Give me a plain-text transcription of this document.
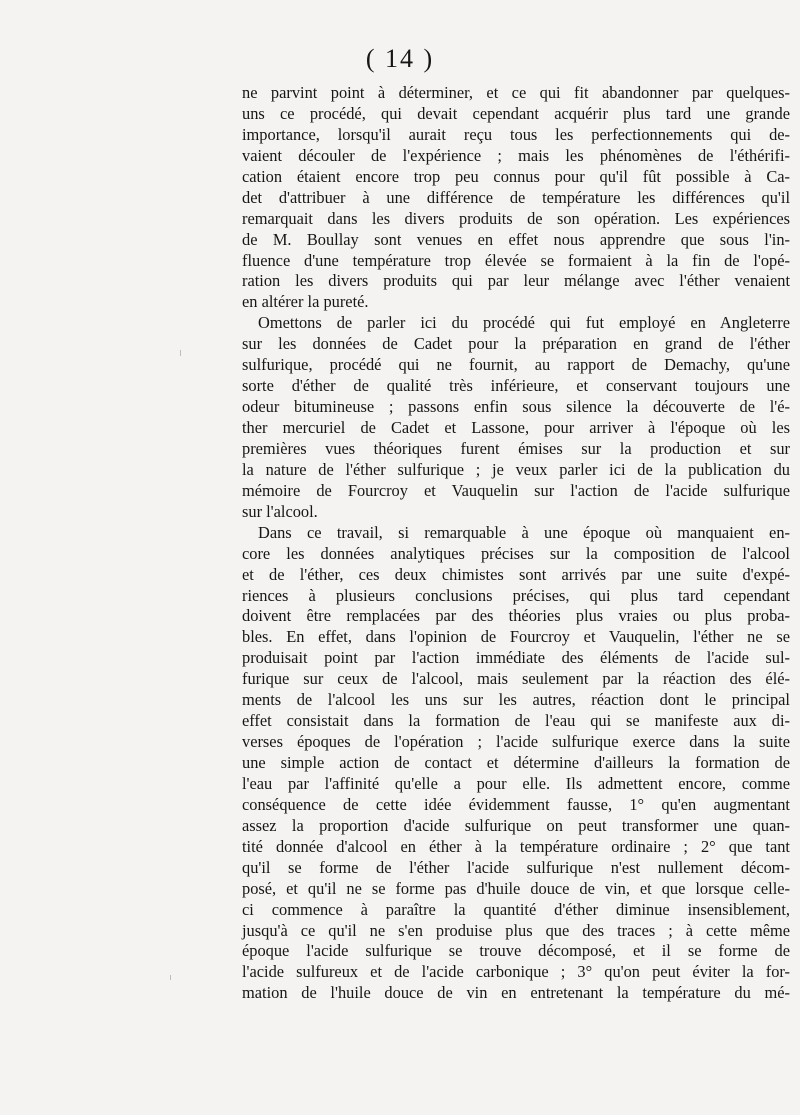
( 14 )
ne parvint point à déterminer, et ce qui fit abandonner par quelques-
uns ce procédé, qui devait cependant acquérir plus tard une grande
importance, lorsqu'il aurait reçu tous les perfectionnements qui de-
vaient découler de l'expérience ; mais les phénomènes de l'éthérifi-
cation étaient encore trop peu connus pour qu'il fût possible à Ca-
det d'attribuer à une différence de température les différences qu'il
remarquait dans les divers produits de son opération. Les expériences
de M. Boullay sont venues en effet nous apprendre que sous l'in-
fluence d'une température trop élevée se formaient à la fin de l'opé-
ration les divers produits qui par leur mélange avec l'éther venaient
en altérer la pureté.
Omettons de parler ici du procédé qui fut employé en Angleterre
sur les données de Cadet pour la préparation en grand de l'éther
sulfurique, procédé qui ne fournit, au rapport de Demachy, qu'une
sorte d'éther de qualité très inférieure, et conservant toujours une
odeur bitumineuse ; passons enfin sous silence la découverte de l'é-
ther mercuriel de Cadet et Lassone, pour arriver à l'époque où les
premières vues théoriques furent émises sur la production et sur
la nature de l'éther sulfurique ; je veux parler ici de la publication du
mémoire de Fourcroy et Vauquelin sur l'action de l'acide sulfurique
sur l'alcool.
Dans ce travail, si remarquable à une époque où manquaient en-
core les données analytiques précises sur la composition de l'alcool
et de l'éther, ces deux chimistes sont arrivés par une suite d'expé-
riences à plusieurs conclusions précises, qui plus tard cependant
doivent être remplacées par des théories plus vraies ou plus proba-
bles. En effet, dans l'opinion de Fourcroy et Vauquelin, l'éther ne se
produisait point par l'action immédiate des éléments de l'acide sul-
furique sur ceux de l'alcool, mais seulement par la réaction des élé-
ments de l'alcool les uns sur les autres, réaction dont le principal
effet consistait dans la formation de l'eau qui se manifeste aux di-
verses époques de l'opération ; l'acide sulfurique exerce dans la suite
une simple action de contact et détermine d'ailleurs la formation de
l'eau par l'affinité qu'elle a pour elle. Ils admettent encore, comme
conséquence de cette idée évidemment fausse, 1° qu'en augmentant
assez la proportion d'acide sulfurique on peut transformer une quan-
tité donnée d'alcool en éther à la température ordinaire ; 2° que tant
qu'il se forme de l'éther l'acide sulfurique n'est nullement décom-
posé, et qu'il ne se forme pas d'huile douce de vin, et que lorsque celle-
ci commence à paraître la quantité d'éther diminue insensiblement,
jusqu'à ce qu'il ne s'en produise plus que des traces ; à cette même
époque l'acide sulfurique se trouve décomposé, et il se forme de
l'acide sulfureux et de l'acide carbonique ; 3° qu'on peut éviter la for-
mation de l'huile douce de vin en entretenant la température du mé-
